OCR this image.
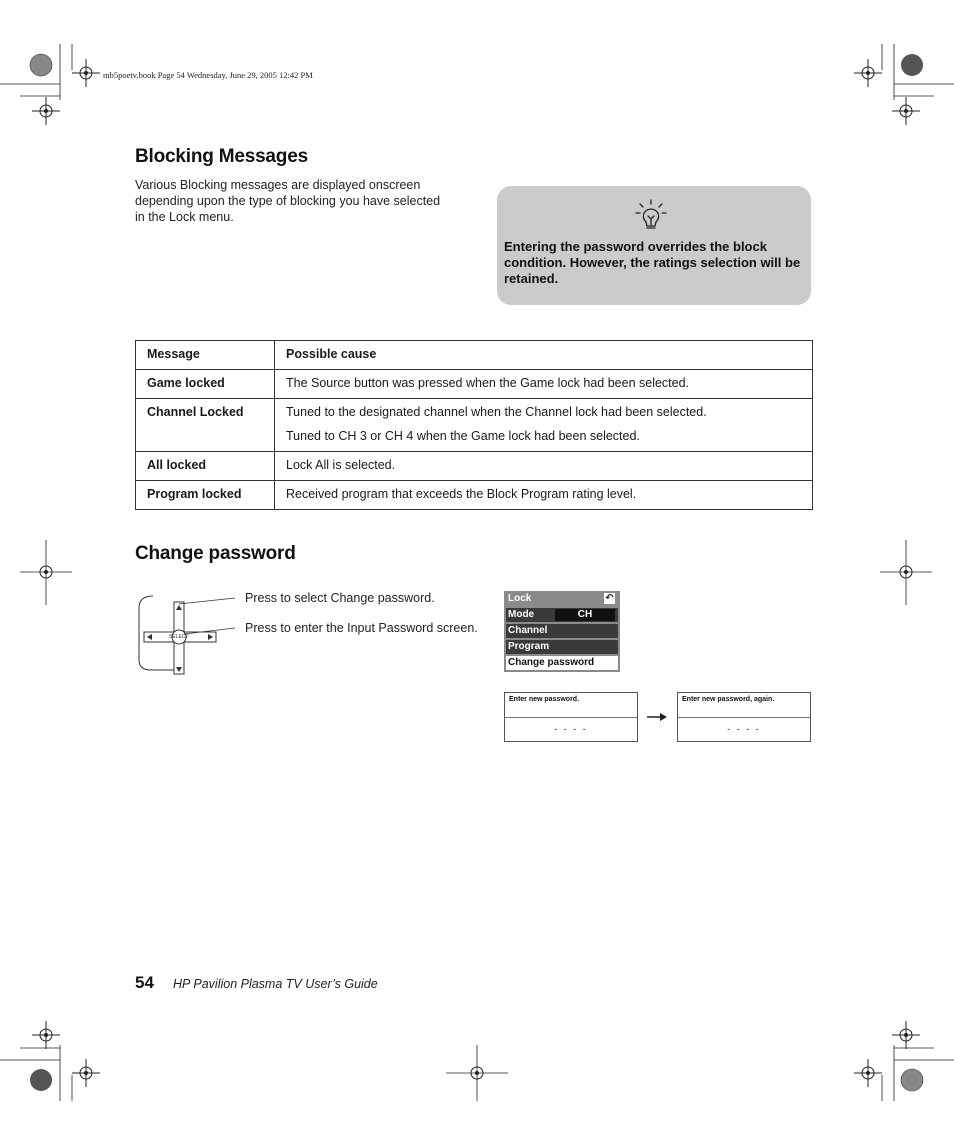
mb5poetv.book Page 54 Wednesday, June 29, 2005 12:42 PM
Blocking Messages
Various Blocking messages are displayed onscreen depending upon the type of blocking you have selected in the Lock menu.
Entering the password overrides the block condition. However, the ratings selection will be retained.
Message	Possible cause
Game locked	The Source button was pressed when the Game lock had been selected.

Channel Locked	Tuned to the designated channel when the Channel lock had been selected.
Tuned to CH 3 or CH 4 when the Game lock had been selected.

All locked	Lock All is selected.

Program locked	Received program that exceeds the Block Program rating level.
Change password
SELECT
Press to select Change password.
Press to enter the Input Password screen.
Lock	↶
Mode	CH
Channel
Program
Change password
Enter new password.
- - - -
Enter new password, again.
- - - -
54 HP Pavilion Plasma TV User’s Guide
